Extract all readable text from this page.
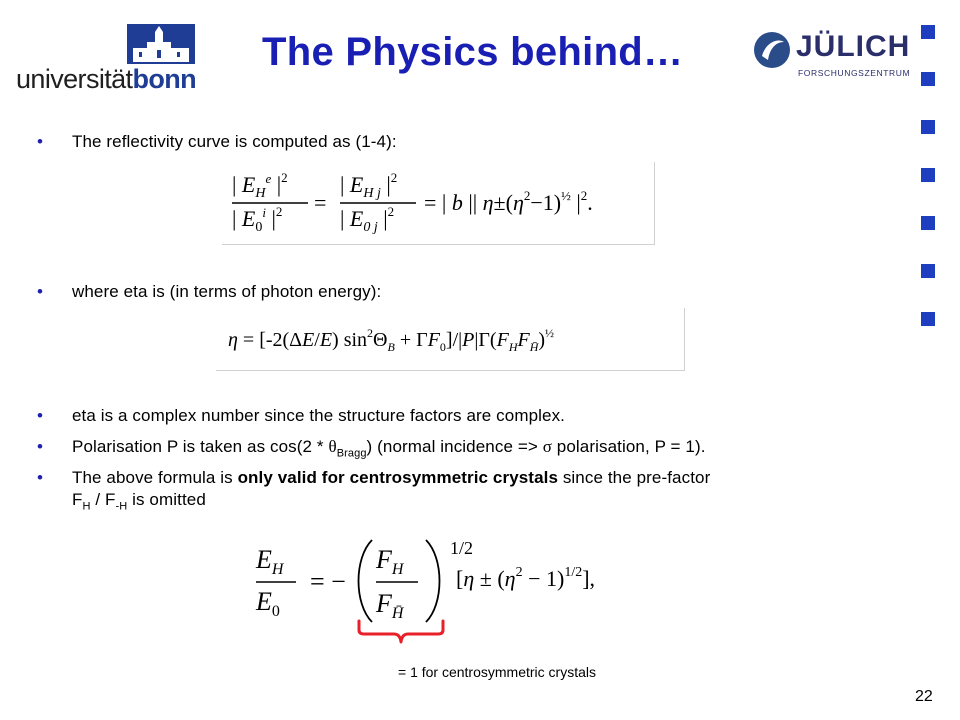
universitätbonn
The Physics behind…	JÜLICH
FORSCHUNGSZENTRUM
• The reflectivity curve is computed as (1-4):
| $E_H^e$ $|^2$
| $E_0^i$ $|^2$ =
| $E_{H j}$ $|^2$
| $E_{0 j}$ $|^2$ = | b || $\eta\pm(\eta^2-1)^{\frac{1}{2}}$ $|^2$.
• where eta is (in terms of photon energy):
η = [-2(ΔE/E) $\sin^2\Theta_B + \Gamma F_0]/|P|\Gamma(F_HF_{H̄})^{\frac{1}{2}}$
• eta is a complex number since the structure factors are complex.
• Polarisation P is taken as $\cos(2 * \theta_{Bragg})$ (normal incidence => σ polarisation, P = 1).
• The above formula is only valid for centrosymmetric crystals since the pre-factor
$F_H / F_{-H}$ is omitted
$E_H$
$E_0$
= −
$F_H$
$F_{H̄}$
1/2
$[\eta \pm (\eta^2 - 1)^{1/2}]$,
= 1 for centrosymmetric crystals
22
